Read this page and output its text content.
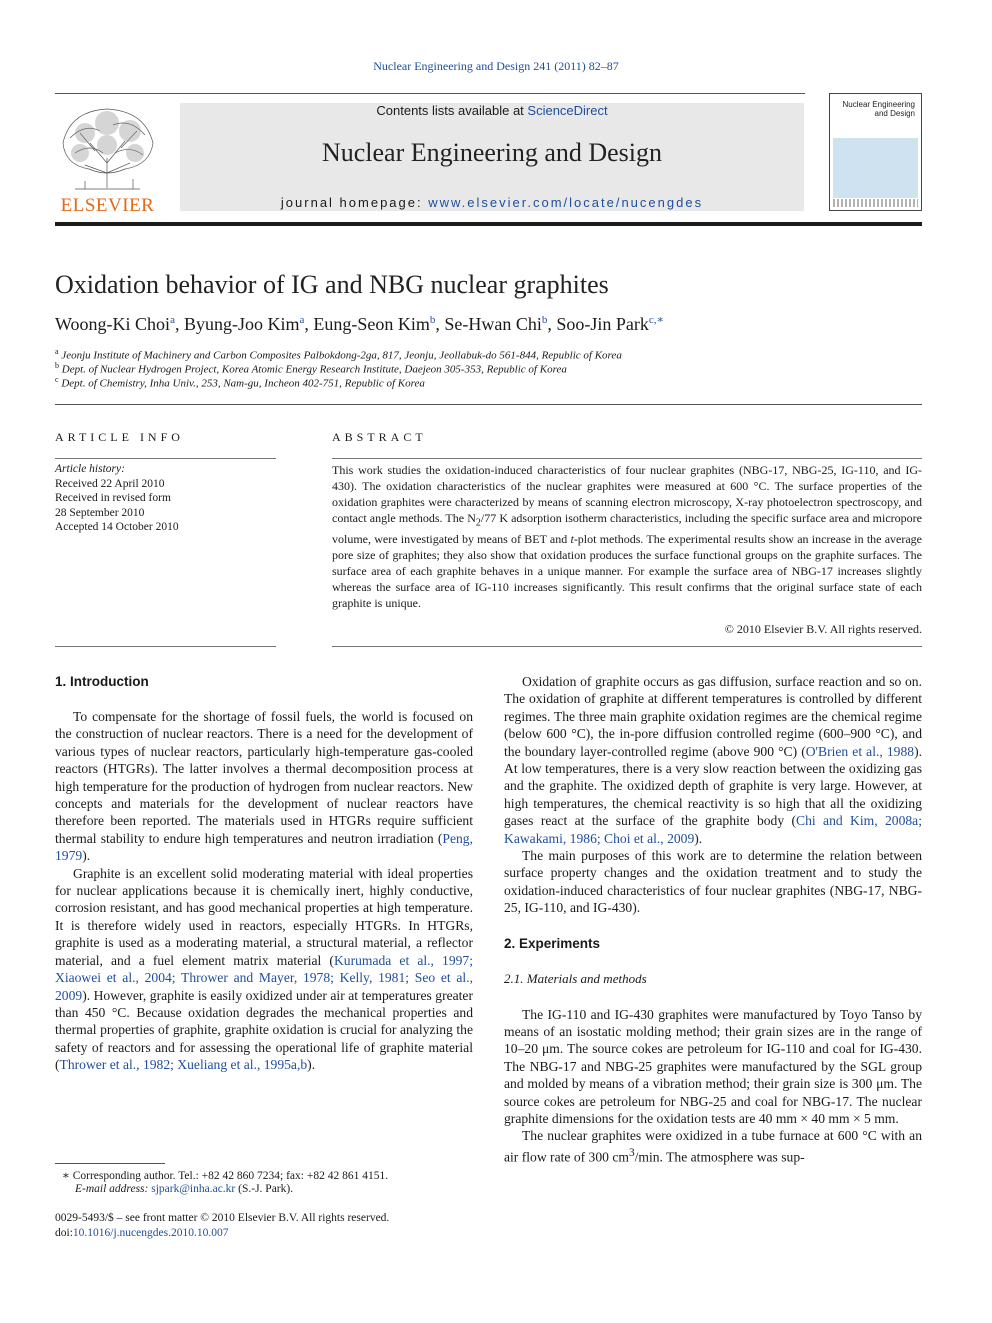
Nuclear Engineering and Design 241 (2011) 82–87
ELSEVIER
Contents lists available at ScienceDirect
Nuclear Engineering and Design
journal homepage: www.elsevier.com/locate/nucengdes
Nuclear Engineering
and Design
Oxidation behavior of IG and NBG nuclear graphites
Woong-Ki Choi$^a$, Byung-Joo Kim$^a$, Eung-Seon Kim$^b$, Se-Hwan Chi$^b$, Soo-Jin Park$^{c,∗}$
$^a$ Jeonju Institute of Machinery and Carbon Composites Palbokdong-2ga, 817, Jeonju, Jeollabuk-do 561-844, Republic of Korea
$^b$ Dept. of Nuclear Hydrogen Project, Korea Atomic Energy Research Institute, Daejeon 305-353, Republic of Korea
$^c$ Dept. of Chemistry, Inha Univ., 253, Nam-gu, Incheon 402-751, Republic of Korea
ARTICLE INFO
Article history:
Received 22 April 2010
Received in revised form
28 September 2010
Accepted 14 October 2010
ABSTRACT
This work studies the oxidation-induced characteristics of four nuclear graphites (NBG-17, NBG-25, IG-110, and IG-430). The oxidation characteristics of the nuclear graphites were measured at 600 °C. The surface properties of the oxidation graphites were characterized by means of scanning electron microscopy, X-ray photoelectron spectroscopy, and contact angle methods. The $N_2/77$ K adsorption isotherm characteristics, including the specific surface area and micropore volume, were investigated by means of BET and t-plot methods. The experimental results show an increase in the average pore size of graphites; they also show that oxidation produces the surface functional groups on the graphite surfaces. The surface area of each graphite behaves in a unique manner. For example the surface area of NBG-17 increases slightly whereas the surface area of IG-110 increases significantly. This result confirms that the original surface state of each graphite is unique.
© 2010 Elsevier B.V. All rights reserved.
1. Introduction

To compensate for the shortage of fossil fuels, the world is focused on the construction of nuclear reactors. There is a need for the development of various types of nuclear reactors, particularly high-temperature gas-cooled reactors (HTGRs). The latter involves a thermal decomposition process at high temperature for the production of hydrogen from nuclear reactors. New concepts and materials for the development of nuclear reactors have therefore been reported. The materials used in HTGRs require sufficient thermal stability to endure high temperatures and neutron irradiation (Peng, 1979).

Graphite is an excellent solid moderating material with ideal properties for nuclear applications because it is chemically inert, highly conductive, corrosion resistant, and has good mechanical properties at high temperature. It is therefore widely used in reactors, especially HTGRs. In HTGRs, graphite is used as a moderating material, a structural material, a reflector material, and a fuel element matrix material (Kurumada et al., 1997; Xiaowei et al., 2004; Thrower and Mayer, 1978; Kelly, 1981; Seo et al., 2009). However, graphite is easily oxidized under air at temperatures greater than 450 °C. Because oxidation degrades the mechanical properties and thermal properties of graphite, graphite oxidation is crucial for analyzing the safety of reactors and for assessing the operational life of graphite material (Thrower et al., 1982; Xueliang et al., 1995a,b).

Oxidation of graphite occurs as gas diffusion, surface reaction and so on. The oxidation of graphite at different temperatures is controlled by different regimes. The three main graphite oxidation regimes are the chemical regime (below 600 °C), the in-pore diffusion controlled regime (600–900 °C), and the boundary layer-controlled regime (above 900 °C) (O'Brien et al., 1988). At low temperatures, there is a very slow reaction between the oxidizing gas and the graphite. The oxidized depth of graphite is very large. However, at high temperatures, the chemical reactivity is so high that all the oxidizing gases react at the surface of the graphite body (Chi and Kim, 2008a; Kawakami, 1986; Choi et al., 2009).

The main purposes of this work are to determine the relation between surface property changes and the oxidation treatment and to study the oxidation-induced characteristics of four nuclear graphites (NBG-17, NBG-25, IG-110, and IG-430).

2. Experiments
2.1. Materials and methods

The IG-110 and IG-430 graphites were manufactured by Toyo Tanso by means of an isostatic molding method; their grain sizes are in the range of 10–20 μm. The source cokes are petroleum for IG-110 and coal for IG-430. The NBG-17 and NBG-25 graphites were manufactured by the SGL group and molded by means of a vibration method; their grain size is 300 μm. The source cokes are petroleum for NBG-25 and coal for NBG-17. The nuclear graphite dimensions for the oxidation tests are 40 mm × 40 mm × 5 mm.

The nuclear graphites were oxidized in a tube furnace at 600 °C with an air flow rate of 300 $cm^3/\min$. The atmosphere was sup-

∗ Corresponding author. Tel.: +82 42 860 7234; fax: +82 42 861 4151.
E-mail address: sjpark@inha.ac.kr (S.-J. Park).
0029-5493/$ – see front matter © 2010 Elsevier B.V. All rights reserved.
doi:10.1016/j.nucengdes.2010.10.007
